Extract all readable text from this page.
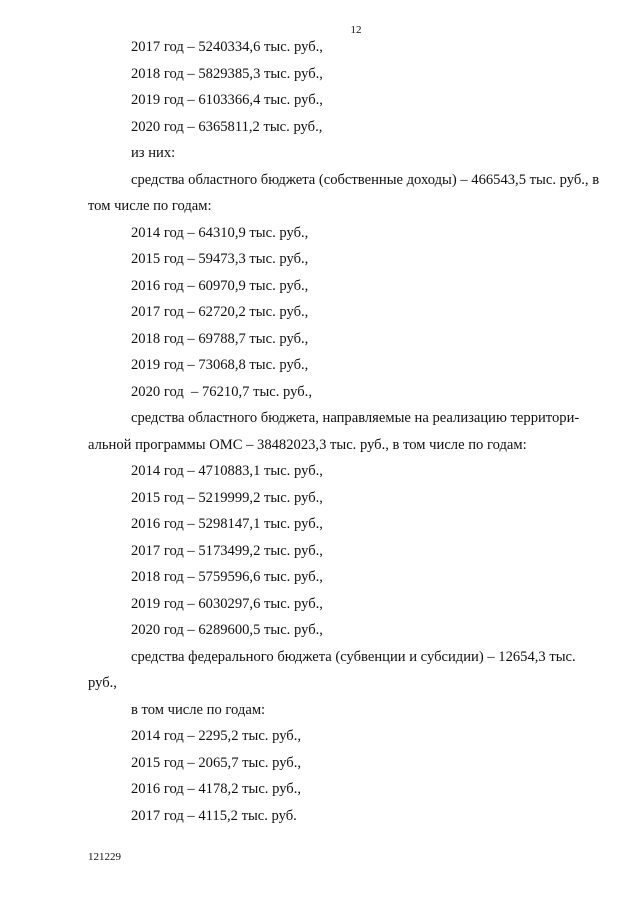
12
2017 год – 5240334,6 тыс. руб.,
2018 год – 5829385,3 тыс. руб.,
2019 год – 6103366,4 тыс. руб.,
2020 год – 6365811,2 тыс. руб.,
из них:
средства областного бюджета (собственные доходы) – 466543,5 тыс. руб., в
том числе по годам:
2014 год – 64310,9 тыс. руб.,
2015 год – 59473,3 тыс. руб.,
2016 год – 60970,9 тыс. руб.,
2017 год – 62720,2 тыс. руб.,
2018 год – 69788,7 тыс. руб.,
2019 год – 73068,8 тыс. руб.,
2020 год  – 76210,7 тыс. руб.,
средства областного бюджета, направляемые на реализацию территори-
альной программы ОМС – 38482023,3 тыс. руб., в том числе по годам:
2014 год – 4710883,1 тыс. руб.,
2015 год – 5219999,2 тыс. руб.,
2016 год – 5298147,1 тыс. руб.,
2017 год – 5173499,2 тыс. руб.,
2018 год – 5759596,6 тыс. руб.,
2019 год – 6030297,6 тыс. руб.,
2020 год – 6289600,5 тыс. руб.,
средства федерального бюджета (субвенции и субсидии) – 12654,3 тыс.
руб.,
в том числе по годам:
2014 год – 2295,2 тыс. руб.,
2015 год – 2065,7 тыс. руб.,
2016 год – 4178,2 тыс. руб.,
2017 год – 4115,2 тыс. руб.
121229
